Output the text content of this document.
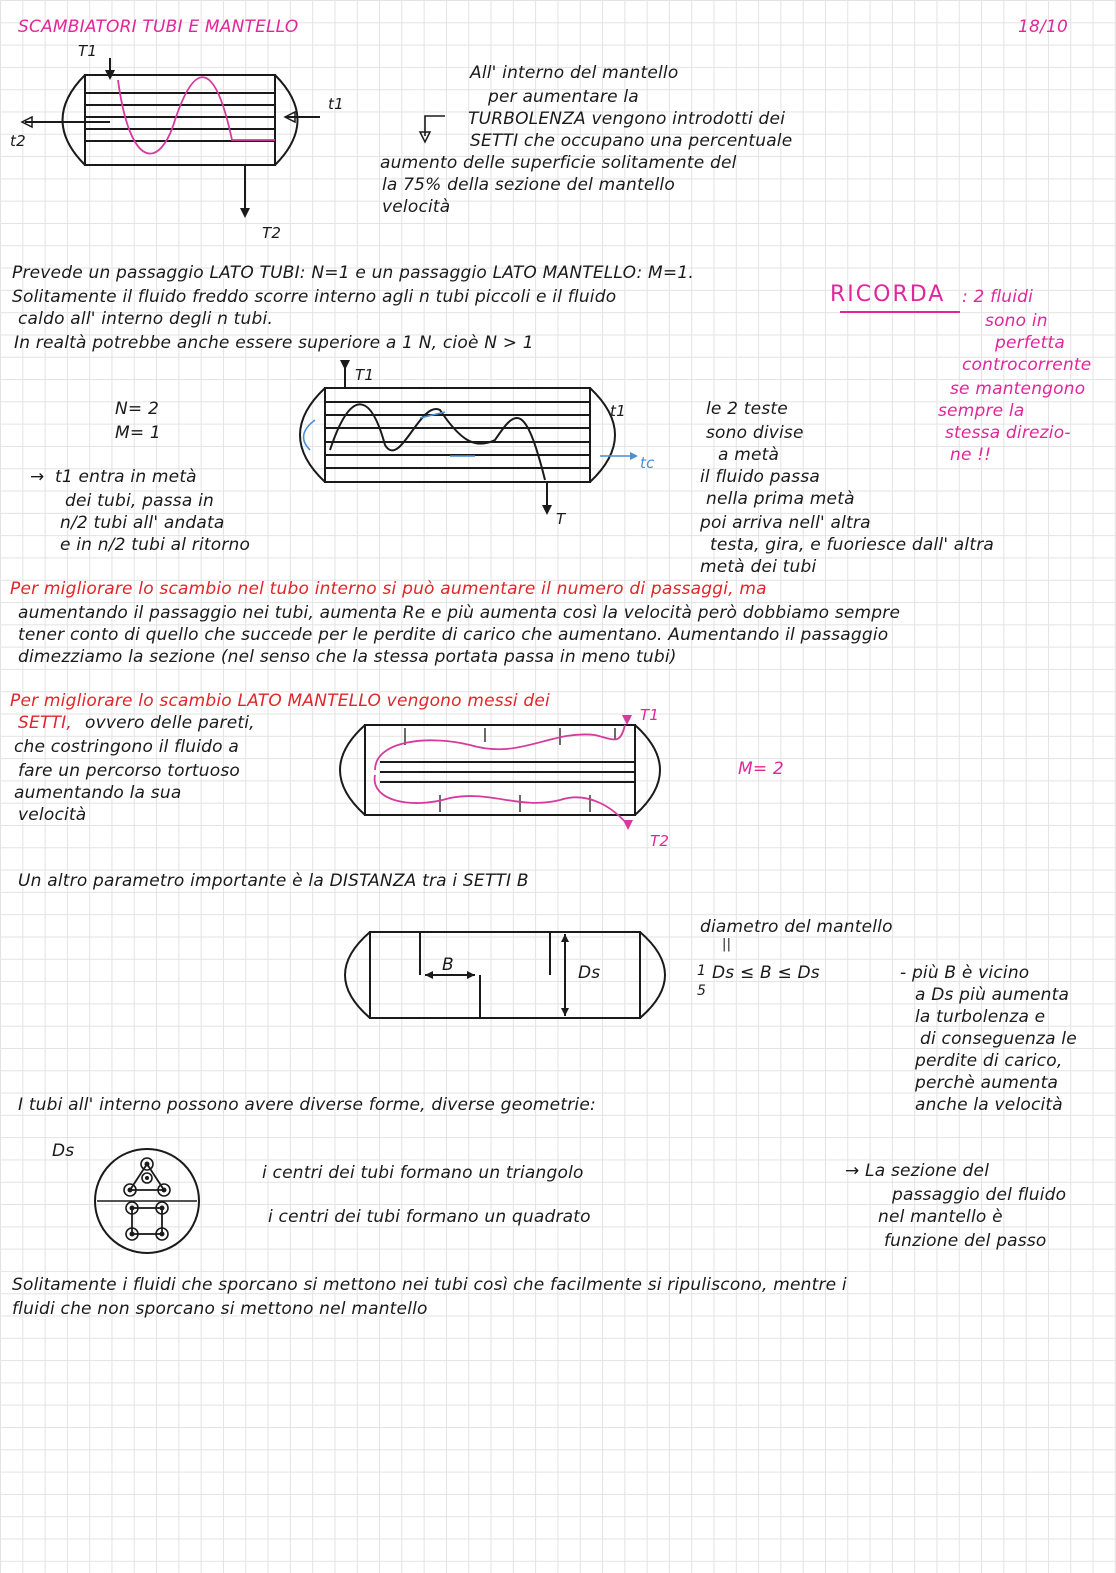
SCAMBIATORI TUBI E MANTELLO	18/10
T1
T2
t1
t2
All' interno del mantello
per aumentare la
TURBOLENZA vengono introdotti dei
SETTI che occupano una percentuale
aumento delle superficie solitamente del
la 75% della sezione del mantello
velocità
Prevede un passaggio LATO TUBI: N=1 e un passaggio LATO MANTELLO: M=1.
Solitamente il fluido freddo scorre interno agli n tubi piccoli e il fluido
caldo all' interno degli n tubi.
In realtà potrebbe anche essere superiore a 1 N, cioè N > 1
RICORDA : 2 fluidi
sono in
perfetta
controcorrente
se mantengono
sempre la
stessa direzio-
ne !!
N= 2
M= 1
T1
T
t1
tc
→ t1 entra in metà
dei tubi, passa in
n/2 tubi all' andata
e in n/2 tubi al ritorno
le 2 teste
sono divise
a metà
il fluido passa
nella prima metà
poi arriva nell' altra
testa, gira, e fuoriesce dall' altra
metà dei tubi
Per migliorare lo scambio nel tubo interno si può aumentare il numero di passaggi, ma
aumentando il passaggio nei tubi, aumenta Re e più aumenta così la velocità però dobbiamo sempre
tener conto di quello che succede per le perdite di carico che aumentano. Aumentando il passaggio
dimezziamo la sezione (nel senso che la stessa portata passa in meno tubi)
Per migliorare lo scambio LATO MANTELLO vengono messi dei
SETTI, ovvero delle pareti,
che costringono il fluido a
fare un percorso tortuoso
aumentando la sua
velocità
T1
T2
M= 2
Un altro parametro importante è la DISTANZA tra i SETTI B
B	Ds
diametro del mantello
||
1
5
Ds ≤ B ≤ Ds	- più B è vicino
a Ds più aumenta
la turbolenza e
di conseguenza le
perdite di carico,
perchè aumenta
anche la velocità
I tubi all' interno possono avere diverse forme, diverse geometrie:
Ds
i centri dei tubi formano un triangolo
i centri dei tubi formano un quadrato
→ La sezione del
passaggio del fluido
nel mantello è
funzione del passo
Solitamente i fluidi che sporcano si mettono nei tubi così che facilmente si ripuliscono, mentre i
fluidi che non sporcano si mettono nel mantello
